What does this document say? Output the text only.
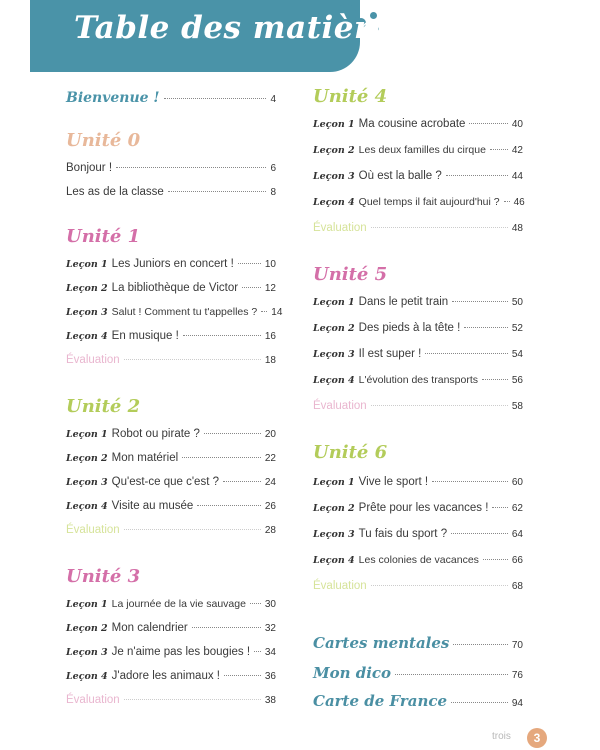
Table des matières
Bienvenue !	4
Unité 0
Bonjour !	6
Les as de la classe	8
Unité 1
Leçon 1 Les Juniors en concert !	10
Leçon 2 La bibliothèque de Victor	12
Leçon 3 Salut ! Comment tu t'appelles ? 14
Leçon 4 En musique !	16
Évaluation	18
Unité 2
Leçon 1 Robot ou pirate ?	20
Leçon 2 Mon matériel	22
Leçon 3 Qu'est-ce que c'est ?	24
Leçon 4 Visite au musée	26
Évaluation	28
Unité 3
Leçon 1 La journée de la vie sauvage 30
Leçon 2 Mon calendrier	32
Leçon 3 Je n'aime pas les bougies ! 34
Leçon 4 J'adore les animaux !	36
Évaluation	38
Unité 4
Leçon 1 Ma cousine acrobate	40
Leçon 2 Les deux familles du cirque	42
Leçon 3 Où est la balle ?	44
Leçon 4 Quel temps il fait aujourd'hui ? 46
Évaluation	48
Unité 5
Leçon 1 Dans le petit train	50
Leçon 2 Des pieds à la tête !	52
Leçon 3 Il est super !	54
Leçon 4 L'évolution des transports	56
Évaluation	58
Unité 6
Leçon 1 Vive le sport !	60
Leçon 2 Prête pour les vacances ! 62
Leçon 3 Tu fais du sport ?	64
Leçon 4 Les colonies de vacances	66
Évaluation	68
Cartes mentales	70
Mon dico	76
Carte de France	94
trois	3
